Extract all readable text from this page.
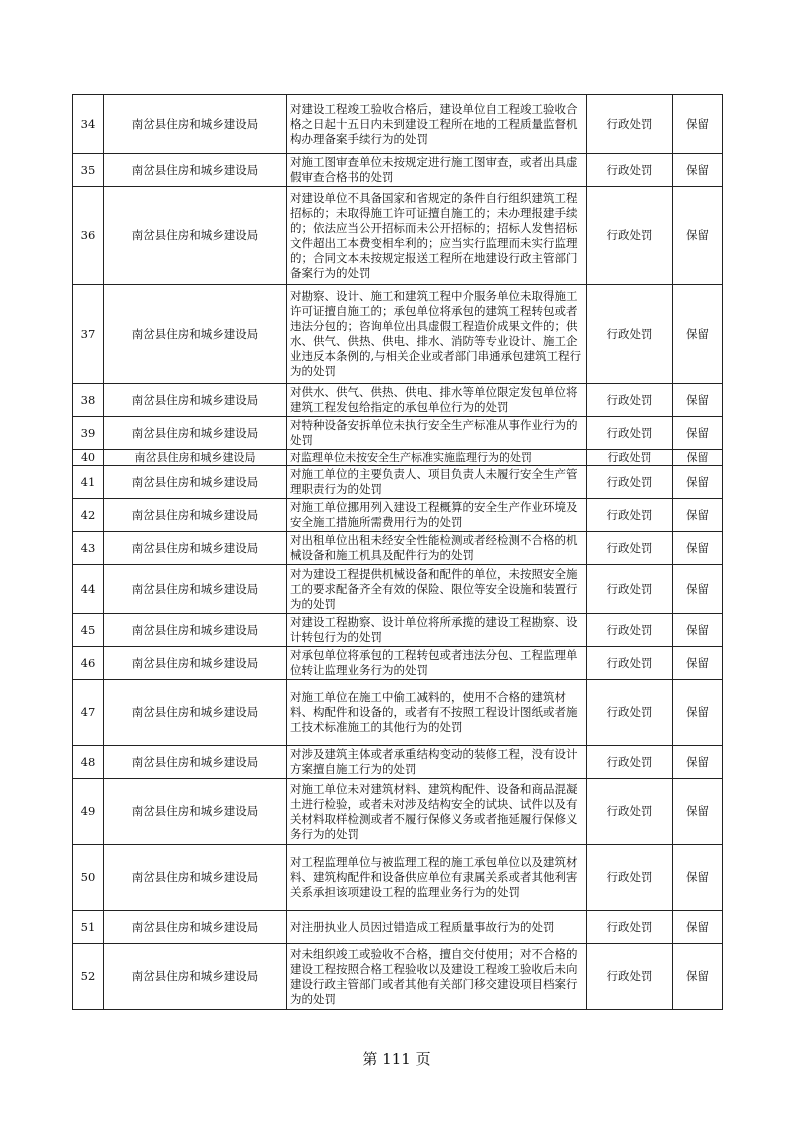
34	南岔县住房和城乡建设局	对建设工程竣工验收合格后，建设单位自工程竣工验收合格之日起十五日内未到建设工程所在地的工程质量监督机构办理备案手续行为的处罚	行政处罚	保留
35	南岔县住房和城乡建设局	对施工图审查单位未按规定进行施工图审查，或者出具虚假审查合格书的处罚	行政处罚	保留
36	南岔县住房和城乡建设局	对建设单位不具备国家和省规定的条件自行组织建筑工程招标的；未取得施工许可证擅自施工的；未办理报建手续的；依法应当公开招标而未公开招标的；招标人发售招标文件超出工本费变相牟利的；应当实行监理而未实行监理的；合同文本未按规定报送工程所在地建设行政主管部门备案行为的处罚	行政处罚	保留
37	南岔县住房和城乡建设局	对勘察、设计、施工和建筑工程中介服务单位未取得施工许可证擅自施工的；承包单位将承包的建筑工程转包或者违法分包的；咨询单位出具虚假工程造价成果文件的；供水、供气、供热、供电、排水、消防等专业设计、施工企业违反本条例的,与相关企业或者部门串通承包建筑工程行为的处罚	行政处罚	保留
38	南岔县住房和城乡建设局	对供水、供气、供热、供电、排水等单位限定发包单位将建筑工程发包给指定的承包单位行为的处罚	行政处罚	保留
39	南岔县住房和城乡建设局	对特种设备安拆单位未执行安全生产标准从事作业行为的处罚	行政处罚	保留
40	南岔县住房和城乡建设局	对监理单位未按安全生产标准实施监理行为的处罚	行政处罚	保留
41	南岔县住房和城乡建设局	对施工单位的主要负责人、项目负责人未履行安全生产管理职责行为的处罚	行政处罚	保留
42	南岔县住房和城乡建设局	对施工单位挪用列入建设工程概算的安全生产作业环境及安全施工措施所需费用行为的处罚	行政处罚	保留
43	南岔县住房和城乡建设局	对出租单位出租未经安全性能检测或者经检测不合格的机械设备和施工机具及配件行为的处罚	行政处罚	保留
44	南岔县住房和城乡建设局	对为建设工程提供机械设备和配件的单位，未按照安全施工的要求配备齐全有效的保险、限位等安全设施和装置行为的处罚	行政处罚	保留
45	南岔县住房和城乡建设局	对建设工程勘察、设计单位将所承揽的建设工程勘察、设计转包行为的处罚	行政处罚	保留
46	南岔县住房和城乡建设局	对承包单位将承包的工程转包或者违法分包、工程监理单位转让监理业务行为的处罚	行政处罚	保留
47	南岔县住房和城乡建设局	对施工单位在施工中偷工减料的，使用不合格的建筑材料、构配件和设备的，或者有不按照工程设计图纸或者施工技术标准施工的其他行为的处罚	行政处罚	保留
48	南岔县住房和城乡建设局	对涉及建筑主体或者承重结构变动的装修工程，没有设计方案擅自施工行为的处罚	行政处罚	保留
49	南岔县住房和城乡建设局	对施工单位未对建筑材料、建筑构配件、设备和商品混凝土进行检验，或者未对涉及结构安全的试块、试件以及有关材料取样检测或者不履行保修义务或者拖延履行保修义务行为的处罚	行政处罚	保留
50	南岔县住房和城乡建设局	对工程监理单位与被监理工程的施工承包单位以及建筑材料、建筑构配件和设备供应单位有隶属关系或者其他利害关系承担该项建设工程的监理业务行为的处罚	行政处罚	保留
51	南岔县住房和城乡建设局	对注册执业人员因过错造成工程质量事故行为的处罚	行政处罚	保留
52	南岔县住房和城乡建设局	对未组织竣工或验收不合格，擅自交付使用；对不合格的建设工程按照合格工程验收以及建设工程竣工验收后未向建设行政主管部门或者其他有关部门移交建设项目档案行为的处罚	行政处罚	保留
第 111 页
